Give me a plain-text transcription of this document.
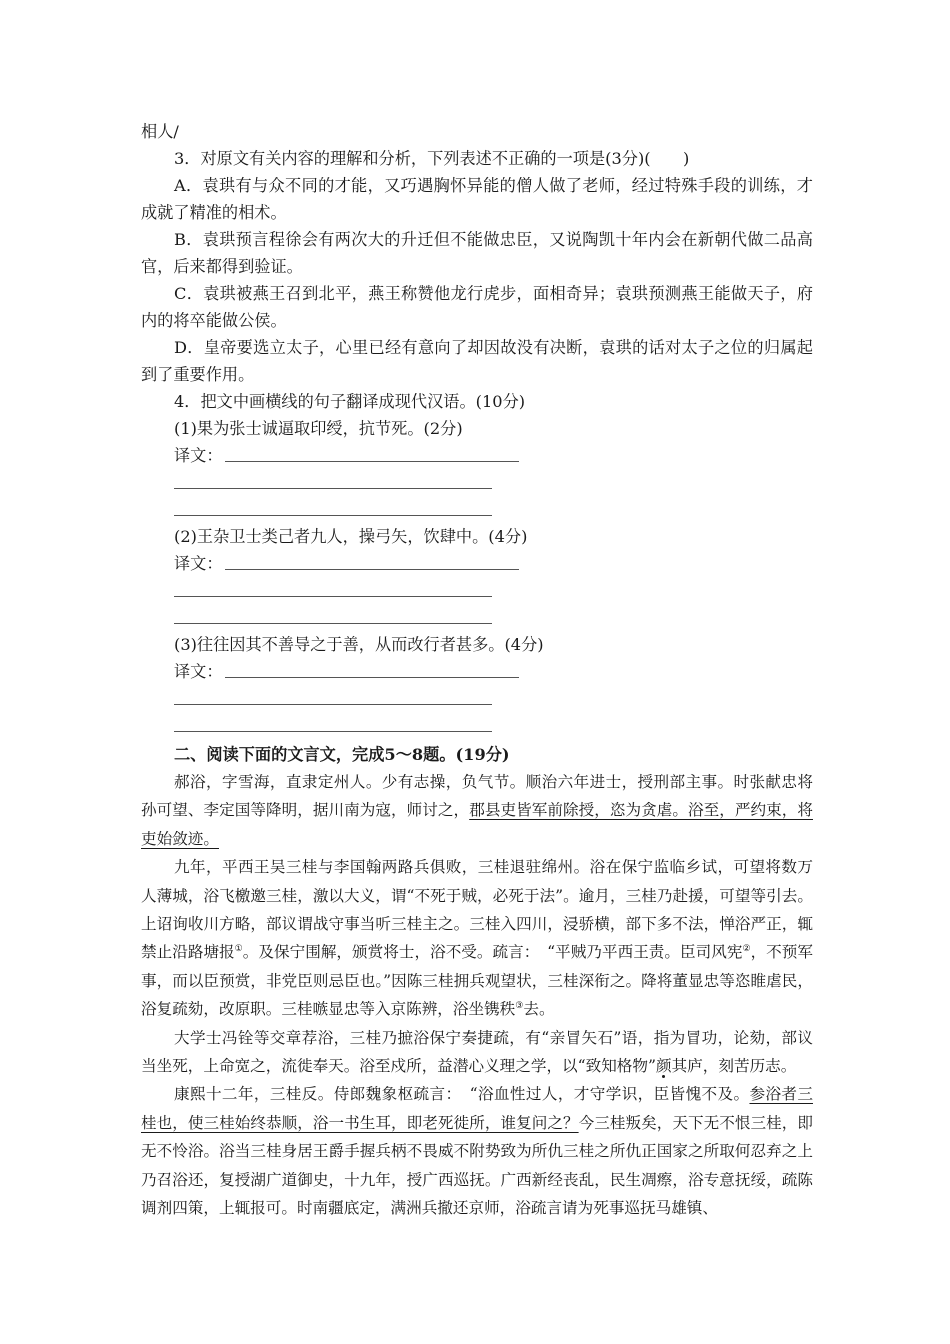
相人/

3．对原文有关内容的理解和分析，下列表述不正确的一项是(3分)(　　)

A．袁珙有与众不同的才能，又巧遇胸怀异能的僧人做了老师，经过特殊手段的训练，才成就了精准的相术。

B．袁珙预言程徐会有两次大的升迁但不能做忠臣，又说陶凯十年内会在新朝代做二品高官，后来都得到验证。

C．袁珙被燕王召到北平，燕王称赞他龙行虎步，面相奇异；袁珙预测燕王能做天子，府内的将卒能做公侯。

D．皇帝要选立太子，心里已经有意向了却因故没有决断，袁珙的话对太子之位的归属起到了重要作用。

4．把文中画横线的句子翻译成现代汉语。(10分)

(1)果为张士诚逼取印绶，抗节死。(2分)

译文：

(2)王杂卫士类己者九人，操弓矢，饮肆中。(4分)

译文：

(3)往往因其不善导之于善，从而改行者甚多。(4分)

译文：

二、阅读下面的文言文，完成5～8题。(19分)

郝浴，字雪海，直隶定州人。少有志操，负气节。顺治六年进士，授刑部主事。时张献忠将孙可望、李定国等降明，据川南为寇，师讨之，郡县吏皆军前除授，恣为贪虐。浴至，严约束，将吏始敛迹。

九年，平西王吴三桂与李国翰两路兵俱败，三桂退驻绵州。浴在保宁监临乡试，可望将数万人薄城，浴飞檄邀三桂，激以大义，谓“不死于贼，必死于法”。逾月，三桂乃赴援，可望等引去。上诏询收川方略，部议谓战守事当听三桂主之。三桂入四川，浸骄横，部下多不法，惮浴严正，辄禁止沿路塘报①。及保宁围解，颁赏将士，浴不受。疏言：　“平贼乃平西王责。臣司风宪②，不预军事，而以臣预赏，非党臣则忌臣也。”因陈三桂拥兵观望状，三桂深衔之。降将董显忠等恣睢虐民，浴复疏劾，改原职。三桂嗾显忠等入京陈辨，浴坐镌秩③去。

大学士冯铨等交章荐浴，三桂乃摭浴保宁奏捷疏，有“亲冒矢石”语，指为冒功，论劾，部议当坐死，上命宽之，流徙奉天。浴至戍所，益潜心义理之学，以“致知格物”颜其庐，刻苦历志。

康熙十二年，三桂反。侍郎魏象枢疏言：　“浴血性过人，才守学识，臣皆愧不及。参浴者三桂也，使三桂始终恭顺，浴一书生耳，即老死徙所，谁复问之？今三桂叛矣，天下无不恨三桂，即无不怜浴。浴当三桂身居王爵手握兵柄不畏威不附势致为所仇三桂之所仇正国家之所取何忍弃之上乃召浴还，复授湖广道御史，十九年，授广西巡抚。广西新经丧乱，民生凋瘵，浴专意抚绥，疏陈调剂四策，上辄报可。时南疆底定，满洲兵撤还京师，浴疏言请为死事巡抚马雄镇、
